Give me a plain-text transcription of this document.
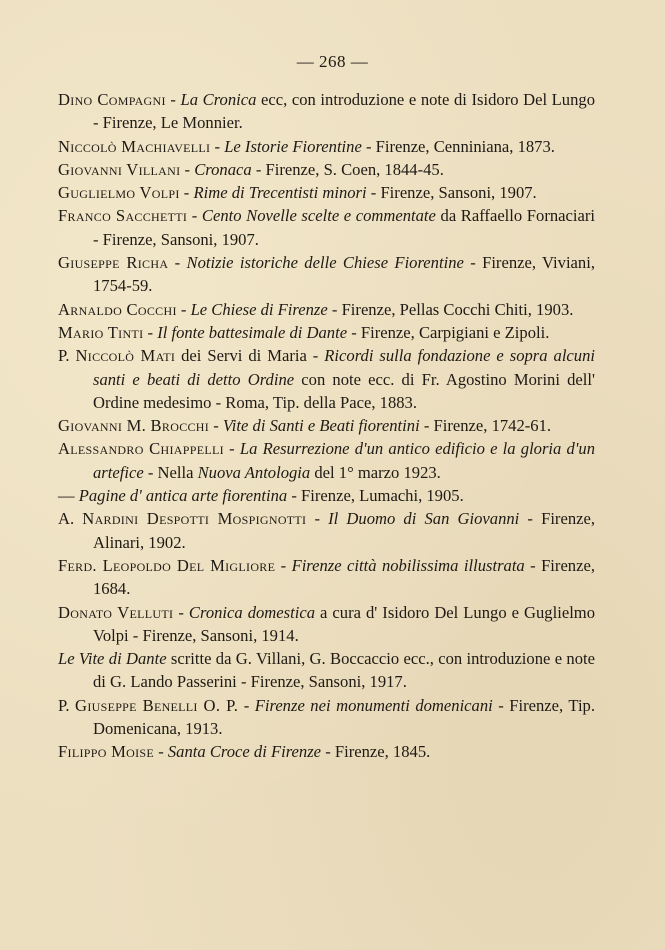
— 268 —
Dino Compagni - La Cronica ecc, con introduzione e note di Isidoro Del Lungo - Firenze, Le Monnier.
Niccolò Machiavelli - Le Istorie Fiorentine - Firenze, Cenniniana, 1873.
Giovanni Villani - Cronaca - Firenze, S. Coen, 1844-45.
Guglielmo Volpi - Rime di Trecentisti minori - Firenze, Sansoni, 1907.
Franco Sacchetti - Cento Novelle scelte e commentate da Raffaello Fornaciari - Firenze, Sansoni, 1907.
Giuseppe Richa - Notizie istoriche delle Chiese Fiorentine - Firenze, Viviani, 1754-59.
Arnaldo Cocchi - Le Chiese di Firenze - Firenze, Pellas Cocchi Chiti, 1903.
Mario Tinti - Il fonte battesimale di Dante - Firenze, Carpigiani e Zipoli.
P. Niccolò Mati dei Servi di Maria - Ricordi sulla fondazione e sopra alcuni santi e beati di detto Ordine con note ecc. di Fr. Agostino Morini dell' Ordine medesimo - Roma, Tip. della Pace, 1883.
Giovanni M. Brocchi - Vite di Santi e Beati fiorentini - Firenze, 1742-61.
Alessandro Chiappelli - La Resurrezione d'un antico edificio e la gloria d'un artefice - Nella Nuova Antologia del 1° marzo 1923.
— Pagine d' antica arte fiorentina - Firenze, Lumachi, 1905.
A. Nardini Despotti Mospignotti - Il Duomo di San Giovanni - Firenze, Alinari, 1902.
Ferd. Leopoldo Del Migliore - Firenze città nobilissima illustrata - Firenze, 1684.
Donato Velluti - Cronica domestica a cura d' Isidoro Del Lungo e Guglielmo Volpi - Firenze, Sansoni, 1914.
Le Vite di Dante scritte da G. Villani, G. Boccaccio ecc., con introduzione e note di G. Lando Passerini - Firenze, Sansoni, 1917.
P. Giuseppe Benelli O. P. - Firenze nei monumenti domenicani - Firenze, Tip. Domenicana, 1913.
Filippo Moise - Santa Croce di Firenze - Firenze, 1845.
